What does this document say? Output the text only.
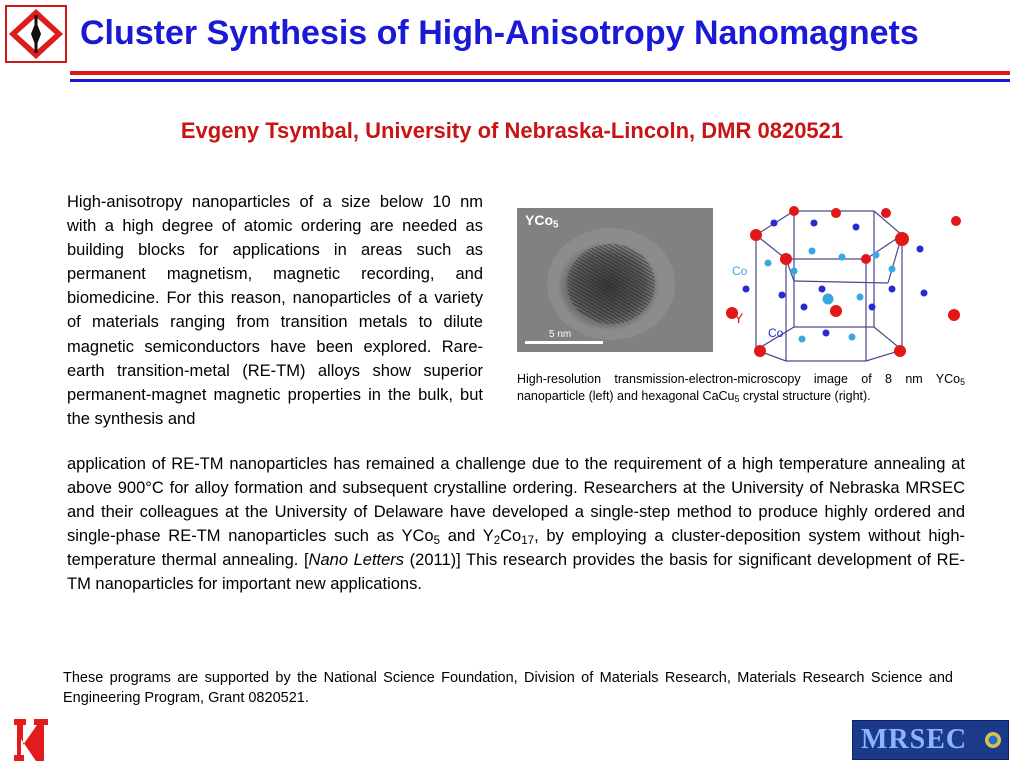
Cluster Synthesis of High-Anisotropy Nanomagnets
Evgeny Tsymbal, University of Nebraska-Lincoln, DMR 0820521
High-anisotropy nanoparticles of a size below 10 nm with a high degree of atomic ordering are needed as building blocks for applications in areas such as permanent magnetism, magnetic recording, and biomedicine. For this reason, nanoparticles of a variety of materials ranging from transition metals to dilute magnetic semiconductors have been explored. Rare-earth transition-metal (RE-TM) alloys show superior permanent-magnet magnetic properties in the bulk, but the synthesis and
YCo$_5$
5 nm
Co
Y
Co
High-resolution transmission-electron-microscopy image of 8 nm YCo$_5$ nanoparticle (left) and hexagonal CaCu$_5$ crystal structure (right).
application of RE-TM nanoparticles has remained a challenge due to the requirement of a high temperature annealing at above 900°C for alloy formation and subsequent crystalline ordering. Researchers at the University of Nebraska MRSEC and their colleagues at the University of Delaware have developed a single-step method to produce highly ordered and single-phase RE-TM nanoparticles such as YCo$_5$ and $Y_2Co_{17}$, by employing a cluster-deposition system without high-temperature thermal annealing. [Nano Letters (2011)] This research provides the basis for significant development of RE-TM nanoparticles for important new applications.
These programs are supported by the National Science Foundation, Division of Materials Research, Materials Research Science and Engineering Program, Grant 0820521.
MRSEC
